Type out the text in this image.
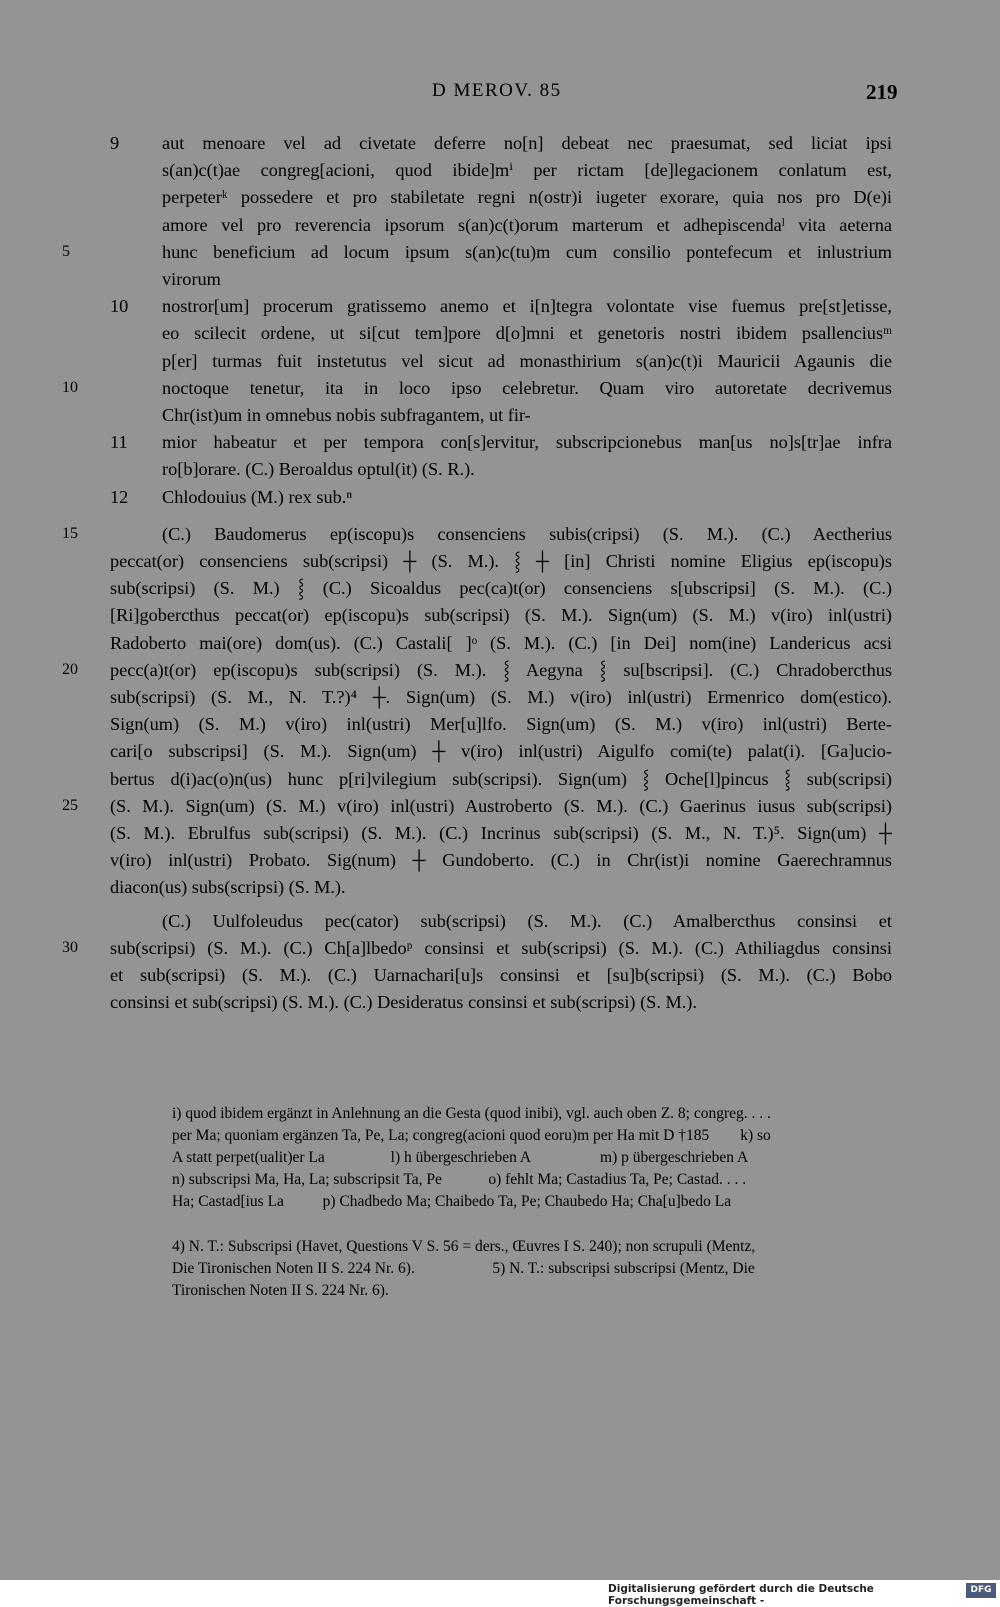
D MEROV. 85	219
9 aut menoare vel ad civetate deferre no[n] debeat nec praesumat, sed liciat ipsi
s(an)c(t)ae congreg[acioni, quod ibide]mⁱ per rictam [de]legacionem conlatum est,
perpeterᵏ possedere et pro stabiletate regni n(ostr)i iugeter exorare, quia nos pro D(e)i
amore vel pro reverencia ipsorum s(an)c(t)orum marterum et adhepiscendaˡ vita aeterna
5	hunc beneficium ad locum ipsum s(an)c(tu)m cum consilio pontefecum et inlustrium
virorum
10 nostror[um] procerum gratissemo anemo et i[n]tegra volontate vise fuemus pre[st]etisse,
eo scilecit ordene, ut si[cut tem]pore d[o]mni et genetoris nostri ibidem psallenciusᵐ
p[er] turmas fuit instetutus vel sicut ad monasthirium s(an)c(t)i Mauricii Agaunis die
10	noctoque tenetur, ita in loco ipso celebretur. Quam viro autoretate decrivemus
Chr(ist)um in omnebus nobis subfragantem, ut fir-
11 mior habeatur et per tempora con[s]ervitur, subscripcionebus man[us no]s[tr]ae infra
ro[b]orare. (C.) Beroaldus optul(it) (S. R.).
12 Chlodouius (M.) rex sub.ⁿ
15	(C.) Baudomerus ep(iscopu)s consenciens subis(cripsi) (S. M.). (C.) Aectherius
peccat(or) consenciens sub(scripsi) ┼ (S. M.). ⸾ ┼ [in] Christi nomine Eligius ep(iscopu)s
sub(scripsi) (S. M.) ⸾ (C.) Sicoaldus pec(ca)t(or) consenciens s[ubscripsi] (S. M.). (C.)
[Ri]gobercthus peccat(or) ep(iscopu)s sub(scripsi) (S. M.). Sign(um) (S. M.) v(iro) inl(ustri)
Radoberto mai(ore) dom(us). (C.) Castali[ ]ᵒ (S. M.). (C.) [in Dei] nom(ine) Landericus acsi
20 pecc(a)t(or) ep(iscopu)s sub(scripsi) (S. M.). ⸾ Aegyna ⸾ su[bscripsi]. (C.) Chradobercthus
sub(scripsi) (S. M., N. T.?)⁴ ┼. Sign(um) (S. M.) v(iro) inl(ustri) Ermenrico dom(estico).
Sign(um) (S. M.) v(iro) inl(ustri) Mer[u]lfo. Sign(um) (S. M.) v(iro) inl(ustri) Berte-
cari[o subscripsi] (S. M.). Sign(um) ┼ v(iro) inl(ustri) Aigulfo comi(te) palat(i). [Ga]ucio-
bertus d(i)ac(o)n(us) hunc p[ri]vilegium sub(scripsi). Sign(um) ⸾ Oche[l]pincus ⸾ sub(scripsi)
25 (S. M.). Sign(um) (S. M.) v(iro) inl(ustri) Austroberto (S. M.). (C.) Gaerinus iusus sub(scripsi)
(S. M.). Ebrulfus sub(scripsi) (S. M.). (C.) Incrinus sub(scripsi) (S. M., N. T.)⁵. Sign(um) ┼
v(iro) inl(ustri) Probato. Sig(num) ┼ Gundoberto. (C.) in Chr(ist)i nomine Gaerechramnus
diacon(us) subs(scripsi) (S. M.).
(C.) Uulfoleudus pec(cator) sub(scripsi) (S. M.). (C.) Amalbercthus consinsi et
30 sub(scripsi) (S. M.). (C.) Ch[a]lbedoᵖ consinsi et sub(scripsi) (S. M.). (C.) Athiliagdus consinsi
et sub(scripsi) (S. M.). (C.) Uarnachari[u]s consinsi et [su]b(scripsi) (S. M.). (C.) Bobo
consinsi et sub(scripsi) (S. M.). (C.) Desideratus consinsi et sub(scripsi) (S. M.).
i) quod ibidem ergänzt in Anlehnung an die Gesta (quod inibi), vgl. auch oben Z. 8; congreg. . . .
per Ma; quoniam ergänzen Ta, Pe, La; congreg(acioni quod eoru)m per Ha mit D †185        k) so
A statt perpet(ualit)er La                 l) h übergeschrieben A                  m) p übergeschrieben A
n) subscripsi Ma, Ha, La; subscripsit Ta, Pe            o) fehlt Ma; Castadius Ta, Pe; Castad. . . .
Ha; Castad[ius La          p) Chadbedo Ma; Chaibedo Ta, Pe; Chaubedo Ha; Cha[u]bedo La
4) N. T.: Subscripsi (Havet, Questions V S. 56 = ders., Œuvres I S. 240); non scrupuli (Mentz,
Die Tironischen Noten II S. 224 Nr. 6).                    5) N. T.: subscripsi subscripsi (Mentz, Die
Tironischen Noten II S. 224 Nr. 6).
Digitalisierung gefördert durch die Deutsche Forschungsgemeinschaft -
DFG
